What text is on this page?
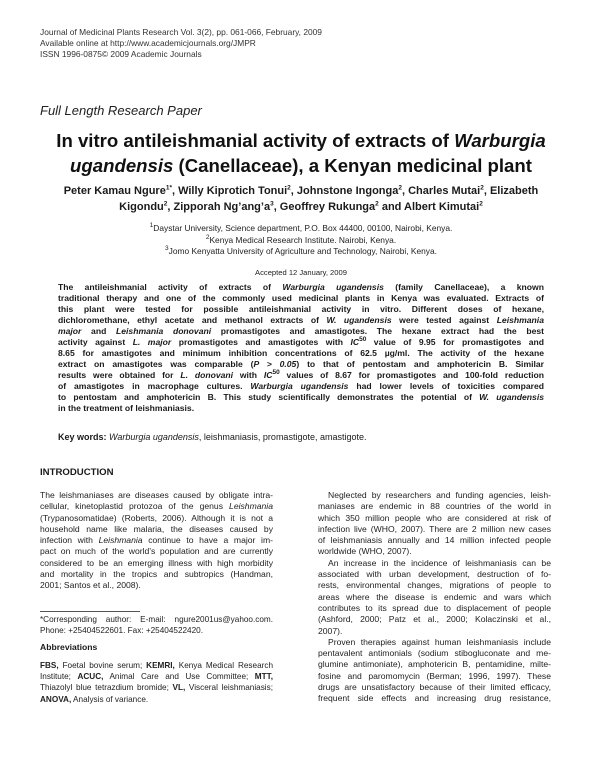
Journal of Medicinal Plants Research Vol. 3(2), pp. 061-066, February, 2009
Available online at http://www.academicjournals.org/JMPR
ISSN 1996-0875© 2009 Academic Journals
Full Length Research Paper
In vitro antileishmanial activity of extracts of Warburgia
ugandensis (Canellaceae), a Kenyan medicinal plant
Peter Kamau Ngure$^{1*}$, Willy Kiprotich Tonui$^2$, Johnstone Ingonga$^2$, Charles Mutai$^2$, Elizabeth
Kigondu$^2$, Zipporah $Ng’ang’a^3$, Geoffrey Rukunga$^2$ and Albert Kimutai$^2$
$^1$Daystar University, Science department, P.O. Box 44400, 00100, Nairobi, Kenya.
$^2$Kenya Medical Research Institute. Nairobi, Kenya.
$^3$Jomo Kenyatta University of Agriculture and Technology, Nairobi, Kenya.
Accepted 12 January, 2009
The antileishmanial activity of extracts of Warburgia ugandensis (family Canellaceae), a known
traditional therapy and one of the commonly used medicinal plants in Kenya was evaluated. Extracts of
this plant were tested for possible antileishmanial activity in vitro. Different doses of hexane,
dichloromethane, ethyl acetate and methanol extracts of W. ugandensis were tested against Leishmania
major and Leishmania donovani promastigotes and amastigotes. The hexane extract had the best
activity against L. major promastigotes and amastigotes with IC$^{50}$ value of 9.95 for promastigotes and
8.65 for amastigotes and minimum inhibition concentrations of 62.5 µg/ml. The activity of the hexane
extract on amastigotes was comparable (P > 0.05) to that of pentostam and amphotericin B. Similar
results were obtained for L. donovani with IC$^{50}$ values of 8.67 for promastigotes and 100-fold reduction
of amastigotes in macrophage cultures. Warburgia ugandensis had lower levels of toxicities compared
to pentostam and amphotericin B. This study scientifically demonstrates the potential of W. ugandensis
in the treatment of leishmaniasis.
Key words: Warburgia ugandensis, leishmaniasis, promastigote, amastigote.
INTRODUCTION
The leishmaniases are diseases caused by obligate intra-
cellular, kinetoplastid protozoa of the genus Leishmania
(Trypanosomatidae) (Roberts, 2006). Although it is not a
household name like malaria, the diseases caused by
infection with Leishmania continue to have a major im-
pact on much of the world’s population and are currently
considered to be an emerging illness with high morbidity
and mortality in the tropics and subtropics (Handman,
2001; Santos et al., 2008).
*Corresponding author: E-mail: ngure2001us@yahoo.com.
Phone: +25404522601. Fax: +25404522420.
Abbreviations
FBS, Foetal bovine serum; KEMRI, Kenya Medical Research
Institute; ACUC, Animal Care and Use Committee; MTT,
Thiazolyl blue tetrazdium bromide; VL, Visceral leishmaniasis;
ANOVA, Analysis of variance.
Neglected by researchers and funding agencies, leish-
maniases are endemic in 88 countries of the world in
which 350 million people who are considered at risk of
infection live (WHO, 2007). There are 2 million new cases
of leishmaniasis annually and 14 million infected people
worldwide (WHO, 2007).
An increase in the incidence of leishmaniasis can be
associated with urban development, destruction of fo-
rests, environmental changes, migrations of people to
areas where the disease is endemic and wars which
contributes to its spread due to displacement of people
(Ashford, 2000; Patz et al., 2000; Kolaczinski et al.,
2007).
Proven therapies against human leishmaniasis include
pentavalent antimonials (sodium stibogluconate and me-
glumine antimoniate), amphotericin B, pentamidine, milte-
fosine and paromomycin (Berman; 1996, 1997). These
drugs are unsatisfactory because of their limited efficacy,
frequent side effects and increasing drug resistance,
